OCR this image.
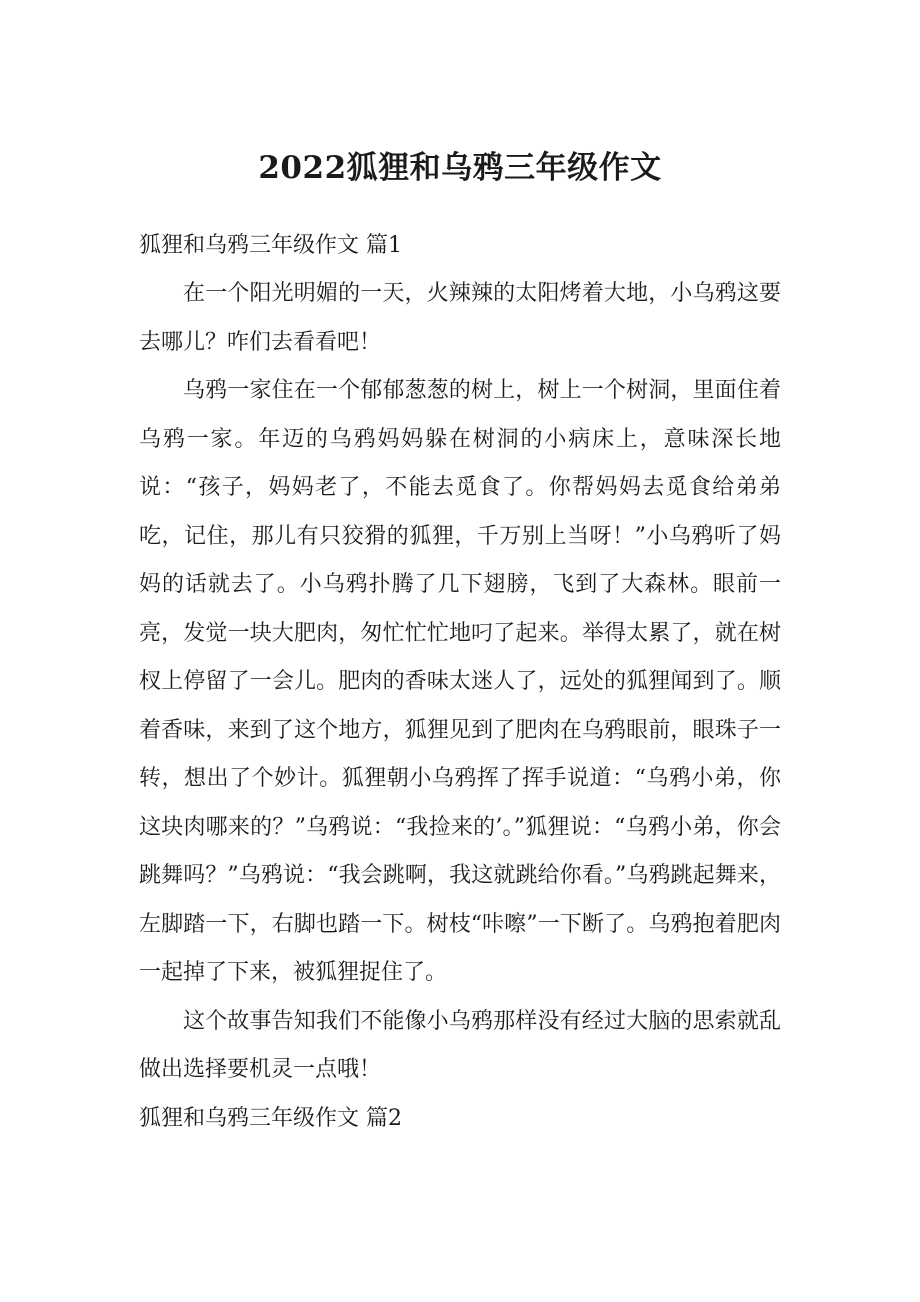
2022狐狸和乌鸦三年级作文
狐狸和乌鸦三年级作文 篇1

在一个阳光明媚的一天，火辣辣的太阳烤着大地，小乌鸦这要去哪儿？咋们去看看吧！

乌鸦一家住在一个郁郁葱葱的树上，树上一个树洞，里面住着乌鸦一家。年迈的乌鸦妈妈躲在树洞的小病床上，意味深长地说：“孩子，妈妈老了，不能去觅食了。你帮妈妈去觅食给弟弟吃，记住，那儿有只狡猾的狐狸，千万别上当呀！”小乌鸦听了妈妈的话就去了。小乌鸦扑腾了几下翅膀，飞到了大森林。眼前一亮，发觉一块大肥肉，匆忙忙忙地叼了起来。举得太累了，就在树杈上停留了一会儿。肥肉的香味太迷人了，远处的狐狸闻到了。顺着香味，来到了这个地方，狐狸见到了肥肉在乌鸦眼前，眼珠子一转，想出了个妙计。狐狸朝小乌鸦挥了挥手说道：“乌鸦小弟，你这块肉哪来的？”乌鸦说：“我捡来的’。”狐狸说：“乌鸦小弟，你会跳舞吗？”乌鸦说：“我会跳啊，我这就跳给你看。”乌鸦跳起舞来，左脚踏一下，右脚也踏一下。树枝“咔嚓”一下断了。乌鸦抱着肥肉一起掉了下来，被狐狸捉住了。

这个故事告知我们不能像小乌鸦那样没有经过大脑的思索就乱做出选择要机灵一点哦！

狐狸和乌鸦三年级作文 篇2
